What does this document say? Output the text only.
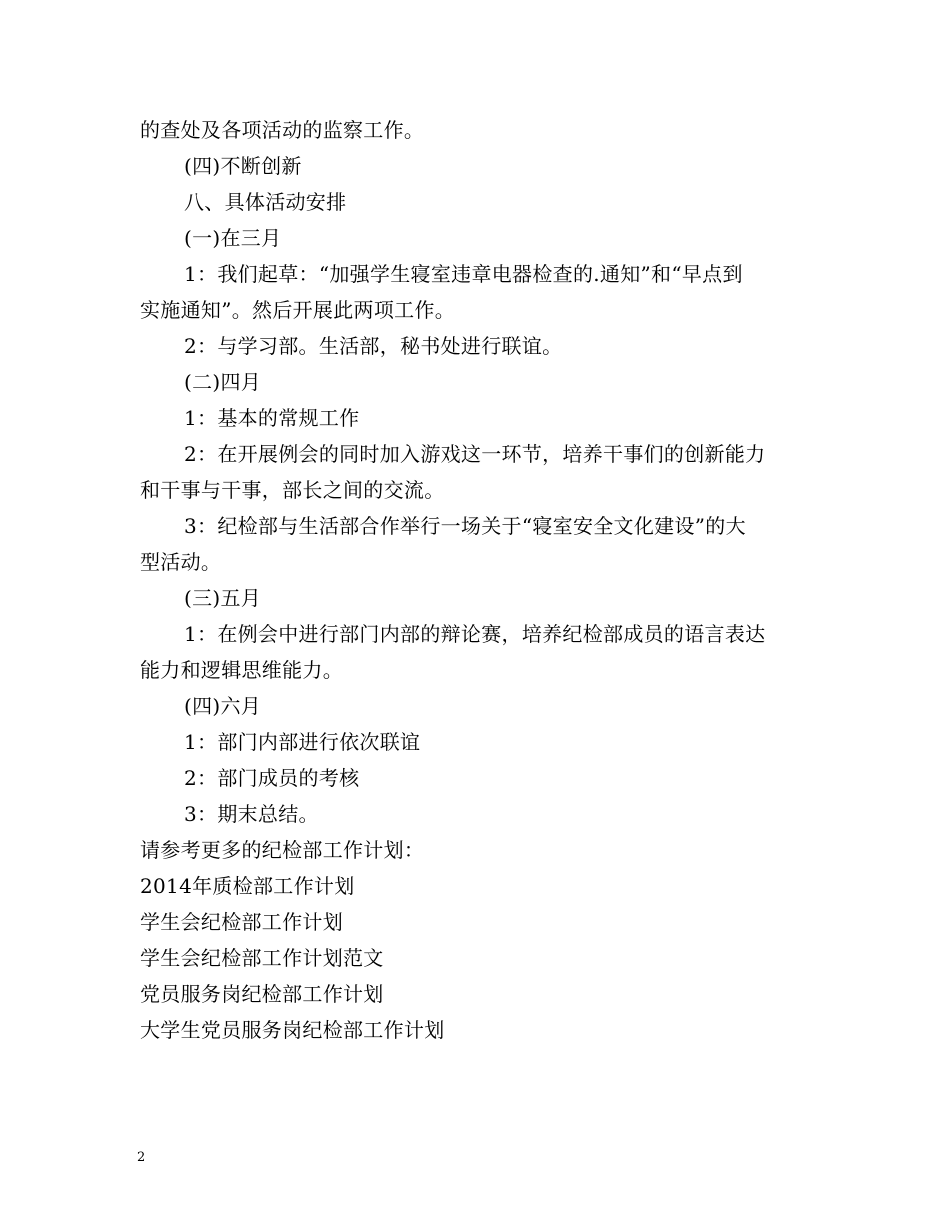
的查处及各项活动的监察工作。
(四)不断创新
八、具体活动安排
(一)在三月
1：我们起草：“加强学生寝室违章电器检查的.通知”和“早点到
实施通知”。然后开展此两项工作。
2：与学习部。生活部，秘书处进行联谊。
(二)四月
1：基本的常规工作
2：在开展例会的同时加入游戏这一环节，培养干事们的创新能力
和干事与干事，部长之间的交流。
3：纪检部与生活部合作举行一场关于“寝室安全文化建设”的大
型活动。
(三)五月
1：在例会中进行部门内部的辩论赛，培养纪检部成员的语言表达
能力和逻辑思维能力。
(四)六月
1：部门内部进行依次联谊
2：部门成员的考核
3：期末总结。
请参考更多的纪检部工作计划：
2014年质检部工作计划
学生会纪检部工作计划
学生会纪检部工作计划范文
党员服务岗纪检部工作计划
大学生党员服务岗纪检部工作计划
2
